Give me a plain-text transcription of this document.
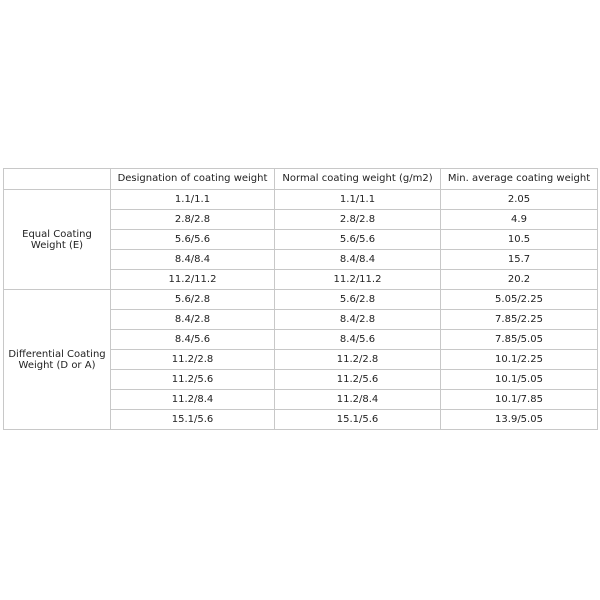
	Designation of coating weight	Normal coating weight (g/m2)	Min. average coating weight
Equal Coating Weight (E)	1.1/1.1	1.1/1.1	2.05
	2.8/2.8	2.8/2.8	4.9
	5.6/5.6	5.6/5.6	10.5
	8.4/8.4	8.4/8.4	15.7
	11.2/11.2	11.2/11.2	20.2
Differential Coating Weight (D or A)	5.6/2.8	5.6/2.8	5.05/2.25
	8.4/2.8	8.4/2.8	7.85/2.25
	8.4/5.6	8.4/5.6	7.85/5.05
	11.2/2.8	11.2/2.8	10.1/2.25
	11.2/5.6	11.2/5.6	10.1/5.05
	11.2/8.4	11.2/8.4	10.1/7.85
	15.1/5.6	15.1/5.6	13.9/5.05
